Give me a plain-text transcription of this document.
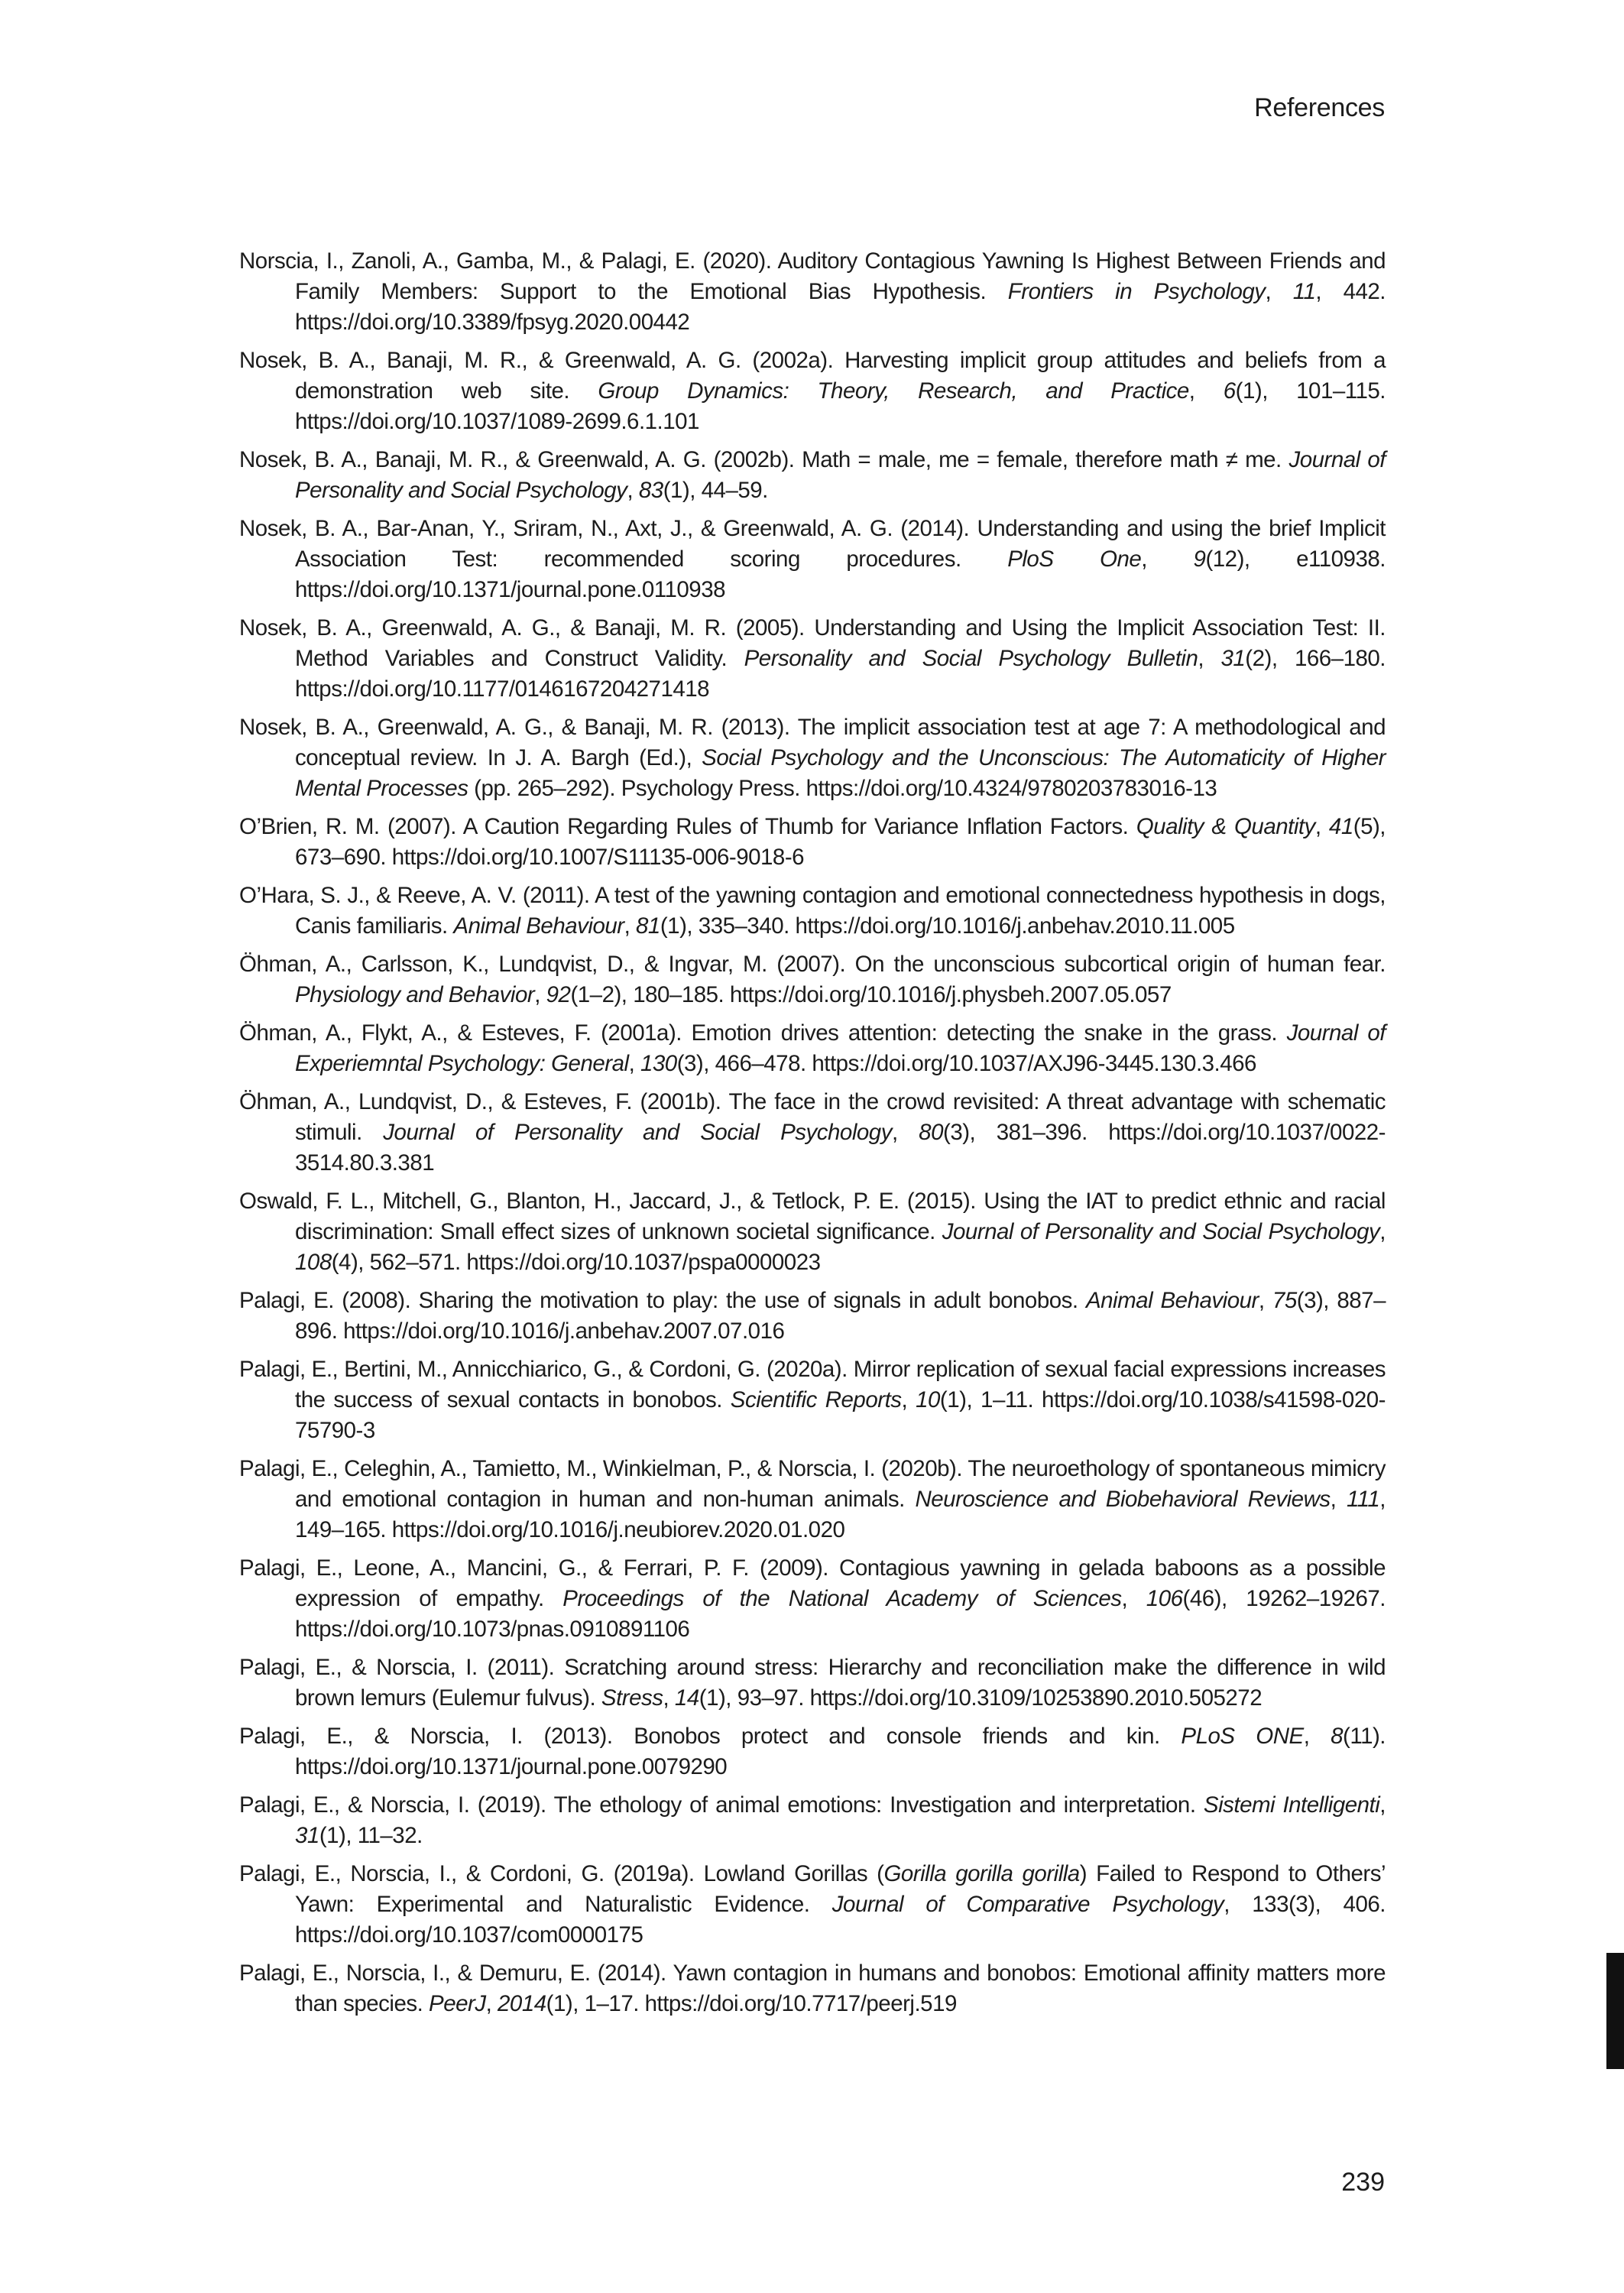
References
Norscia, I., Zanoli, A., Gamba, M., & Palagi, E. (2020). Auditory Contagious Yawning Is Highest Between Friends and Family Members: Support to the Emotional Bias Hypothesis. Frontiers in Psychology, 11, 442. https://doi.org/10.3389/fpsyg.2020.00442
Nosek, B. A., Banaji, M. R., & Greenwald, A. G. (2002a). Harvesting implicit group attitudes and beliefs from a demonstration web site. Group Dynamics: Theory, Research, and Practice, 6(1), 101–115. https://doi.org/10.1037/1089-2699.6.1.101
Nosek, B. A., Banaji, M. R., & Greenwald, A. G. (2002b). Math = male, me = female, therefore math ≠ me. Journal of Personality and Social Psychology, 83(1), 44–59.
Nosek, B. A., Bar-Anan, Y., Sriram, N., Axt, J., & Greenwald, A. G. (2014). Understanding and using the brief Implicit Association Test: recommended scoring procedures. PloS One, 9(12), e110938. https://doi.org/10.1371/journal.pone.0110938
Nosek, B. A., Greenwald, A. G., & Banaji, M. R. (2005). Understanding and Using the Implicit Association Test: II. Method Variables and Construct Validity. Personality and Social Psychology Bulletin, 31(2), 166–180. https://doi.org/10.1177/0146167204271418
Nosek, B. A., Greenwald, A. G., & Banaji, M. R. (2013). The implicit association test at age 7: A methodological and conceptual review. In J. A. Bargh (Ed.), Social Psychology and the Unconscious: The Automaticity of Higher Mental Processes (pp. 265–292). Psychology Press. https://doi.org/10.4324/9780203783016-13
O’Brien, R. M. (2007). A Caution Regarding Rules of Thumb for Variance Inflation Factors. Quality & Quantity, 41(5), 673–690. https://doi.org/10.1007/S11135-006-9018-6
O’Hara, S. J., & Reeve, A. V. (2011). A test of the yawning contagion and emotional connectedness hypothesis in dogs, Canis familiaris. Animal Behaviour, 81(1), 335–340. https://doi.org/10.1016/j.anbehav.2010.11.005
Öhman, A., Carlsson, K., Lundqvist, D., & Ingvar, M. (2007). On the unconscious subcortical origin of human fear. Physiology and Behavior, 92(1–2), 180–185. https://doi.org/10.1016/j.physbeh.2007.05.057
Öhman, A., Flykt, A., & Esteves, F. (2001a). Emotion drives attention: detecting the snake in the grass. Journal of Experiemntal Psychology: General, 130(3), 466–478. https://doi.org/10.1037/AXJ96-3445.130.3.466
Öhman, A., Lundqvist, D., & Esteves, F. (2001b). The face in the crowd revisited: A threat advantage with schematic stimuli. Journal of Personality and Social Psychology, 80(3), 381–396. https://doi.org/10.1037/0022-3514.80.3.381
Oswald, F. L., Mitchell, G., Blanton, H., Jaccard, J., & Tetlock, P. E. (2015). Using the IAT to predict ethnic and racial discrimination: Small effect sizes of unknown societal significance. Journal of Personality and Social Psychology, 108(4), 562–571. https://doi.org/10.1037/pspa0000023
Palagi, E. (2008). Sharing the motivation to play: the use of signals in adult bonobos. Animal Behaviour, 75(3), 887–896. https://doi.org/10.1016/j.anbehav.2007.07.016
Palagi, E., Bertini, M., Annicchiarico, G., & Cordoni, G. (2020a). Mirror replication of sexual facial expressions increases the success of sexual contacts in bonobos. Scientific Reports, 10(1), 1–11. https://doi.org/10.1038/s41598-020-75790-3
Palagi, E., Celeghin, A., Tamietto, M., Winkielman, P., & Norscia, I. (2020b). The neuroethology of spontaneous mimicry and emotional contagion in human and non-human animals. Neuroscience and Biobehavioral Reviews, 111, 149–165. https://doi.org/10.1016/j.neubiorev.2020.01.020
Palagi, E., Leone, A., Mancini, G., & Ferrari, P. F. (2009). Contagious yawning in gelada baboons as a possible expression of empathy. Proceedings of the National Academy of Sciences, 106(46), 19262–19267. https://doi.org/10.1073/pnas.0910891106
Palagi, E., & Norscia, I. (2011). Scratching around stress: Hierarchy and reconciliation make the difference in wild brown lemurs (Eulemur fulvus). Stress, 14(1), 93–97. https://doi.org/10.3109/10253890.2010.505272
Palagi, E., & Norscia, I. (2013). Bonobos protect and console friends and kin. PLoS ONE, 8(11). https://doi.org/10.1371/journal.pone.0079290
Palagi, E., & Norscia, I. (2019). The ethology of animal emotions: Investigation and interpretation. Sistemi Intelligenti, 31(1), 11–32.
Palagi, E., Norscia, I., & Cordoni, G. (2019a). Lowland Gorillas (Gorilla gorilla gorilla) Failed to Respond to Others’ Yawn: Experimental and Naturalistic Evidence. Journal of Comparative Psychology, 133(3), 406. https://doi.org/10.1037/com0000175
Palagi, E., Norscia, I., & Demuru, E. (2014). Yawn contagion in humans and bonobos: Emotional affinity matters more than species. PeerJ, 2014(1), 1–17. https://doi.org/10.7717/peerj.519
239
